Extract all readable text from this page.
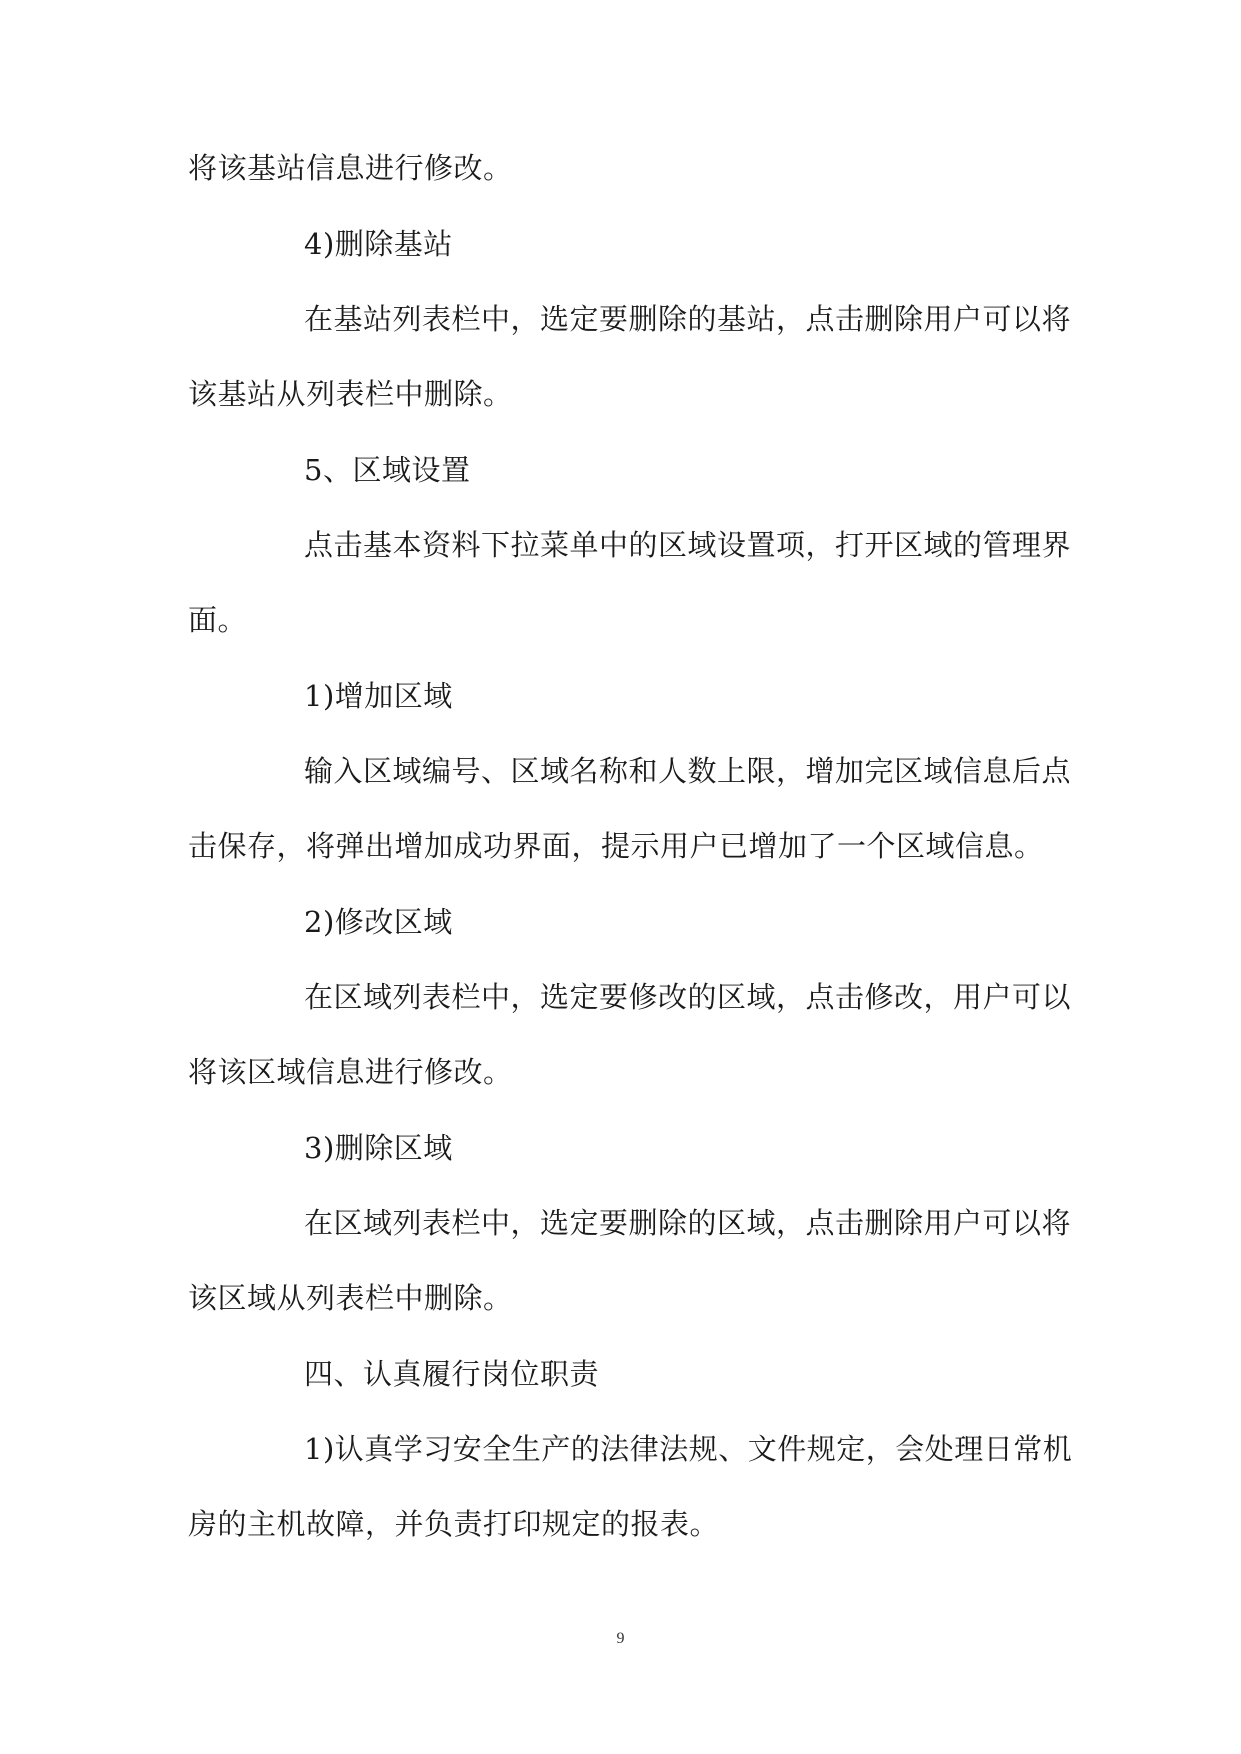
将该基站信息进行修改。
4)删除基站
在基站列表栏中，选定要删除的基站，点击删除用户可以将
该基站从列表栏中删除。
5、区域设置
点击基本资料下拉菜单中的区域设置项，打开区域的管理界
面。
1)增加区域
输入区域编号、区域名称和人数上限，增加完区域信息后点
击保存，将弹出增加成功界面，提示用户已增加了一个区域信息。
2)修改区域
在区域列表栏中，选定要修改的区域，点击修改，用户可以
将该区域信息进行修改。
3)删除区域
在区域列表栏中，选定要删除的区域，点击删除用户可以将
该区域从列表栏中删除。
四、认真履行岗位职责
1)认真学习安全生产的法律法规、文件规定，会处理日常机
房的主机故障，并负责打印规定的报表。
9
